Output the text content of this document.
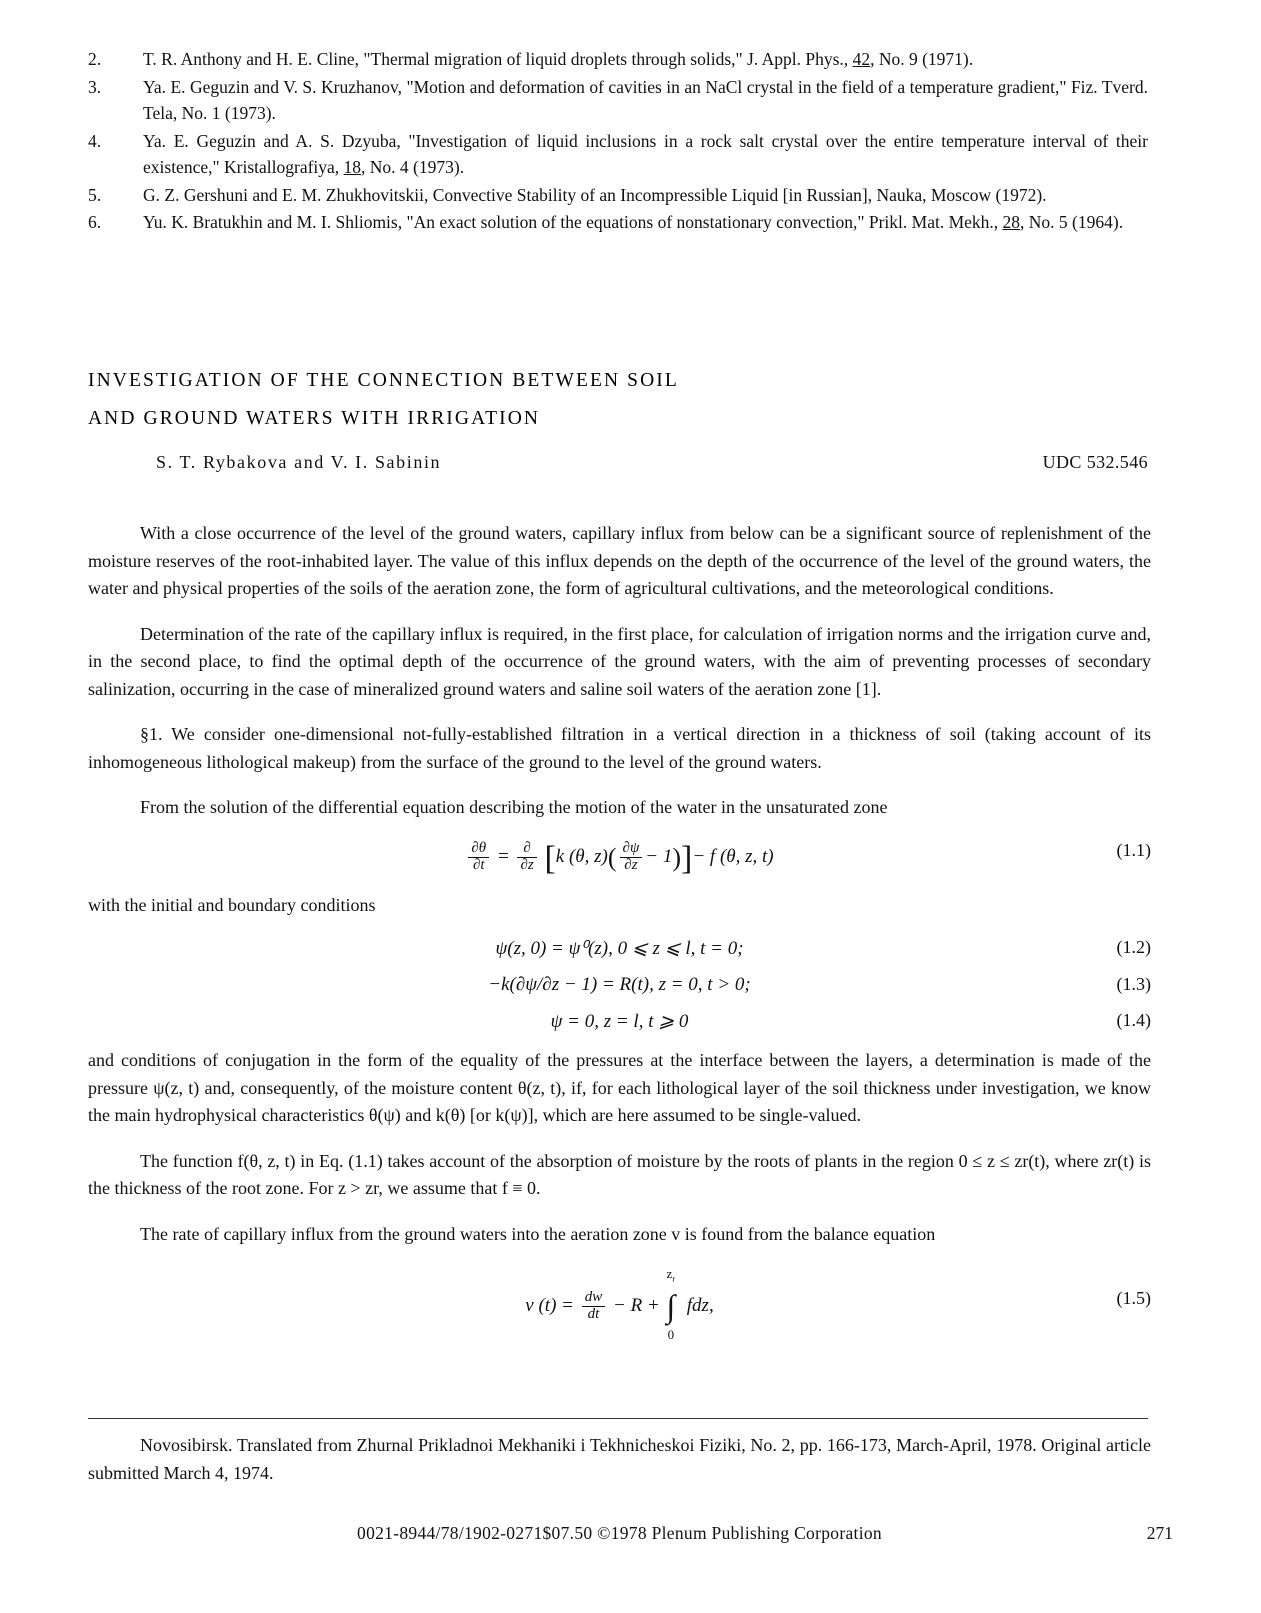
2.	T. R. Anthony and H. E. Cline, "Thermal migration of liquid droplets through solids," J. Appl. Phys., 42, No. 9 (1971).
3.	Ya. E. Geguzin and V. S. Kruzhanov, "Motion and deformation of cavities in an NaCl crystal in the field of a temperature gradient," Fiz. Tverd. Tela, No. 1 (1973).
4.	Ya. E. Geguzin and A. S. Dzyuba, "Investigation of liquid inclusions in a rock salt crystal over the entire temperature interval of their existence," Kristallografiya, 18, No. 4 (1973).
5.	G. Z. Gershuni and E. M. Zhukhovitskii, Convective Stability of an Incompressible Liquid [in Russian], Nauka, Moscow (1972).
6.	Yu. K. Bratukhin and M. I. Shliomis, "An exact solution of the equations of nonstationary convection," Prikl. Mat. Mekh., 28, No. 5 (1964).
INVESTIGATION OF THE CONNECTION BETWEEN SOIL
AND GROUND WATERS WITH IRRIGATION
S. T. Rybakova and V. I. Sabinin	UDC 532.546

With a close occurrence of the level of the ground waters, capillary influx from below can be a significant source of replenishment of the moisture reserves of the root-inhabited layer. The value of this influx depends on the depth of the occurrence of the level of the ground waters, the water and physical properties of the soils of the aeration zone, the form of agricultural cultivations, and the meteorological conditions.

Determination of the rate of the capillary influx is required, in the first place, for calculation of irrigation norms and the irrigation curve and, in the second place, to find the optimal depth of the occurrence of the ground waters, with the aim of preventing processes of secondary salinization, occurring in the case of mineralized ground waters and saline soil waters of the aeration zone [1].

§1. We consider one-dimensional not-fully-established filtration in a vertical direction in a thickness of soil (taking account of its inhomogeneous lithological makeup) from the surface of the ground to the level of the ground waters.

From the solution of the differential equation describing the motion of the water in the unsaturated zone

$\frac{\partial\theta}{\partial t} = \frac{\partial}{\partial z} [k$ (θ, $z)( \frac{\partial\psi}{\partial z} - 1)]- f$ (θ, z, t)	(1.1)

with the initial and boundary conditions

ψ(z, 0) = ψ⁰(z), 0 ⩽ z ⩽ l, t = 0;	(1.2)
−k(∂ψ/∂z − 1) = R(t), z = 0, t > 0;	(1.3)
ψ = 0, z = l, t ⩾ 0	(1.4)

and conditions of conjugation in the form of the equality of the pressures at the interface between the layers, a determination is made of the pressure ψ(z, t) and, consequently, of the moisture content θ(z, t), if, for each lithological layer of the soil thickness under investigation, we know the main hydrophysical characteristics θ(ψ) and k(θ) [or k(ψ)], which are here assumed to be single-valued.

The function f(θ, z, t) in Eq. (1.1) takes account of the absorption of moisture by the roots of plants in the region 0 ≤ z ≤ zr(t), where zr(t) is the thickness of the root zone. For z > zr, we assume that f ≡ 0.

The rate of capillary influx from the ground waters into the aeration zone v is found from the balance equation

v $(t) = \frac{dw}{dt} - R$ +
$z_r$
∫
0
fdz,	(1.5)
Novosibirsk. Translated from Zhurnal Prikladnoi Mekhaniki i Tekhnicheskoi Fiziki, No. 2, pp. 166-173, March-April, 1978. Original article submitted March 4, 1974.
0021-8944/78/1902-0271$07.50 ©1978 Plenum Publishing Corporation	271
